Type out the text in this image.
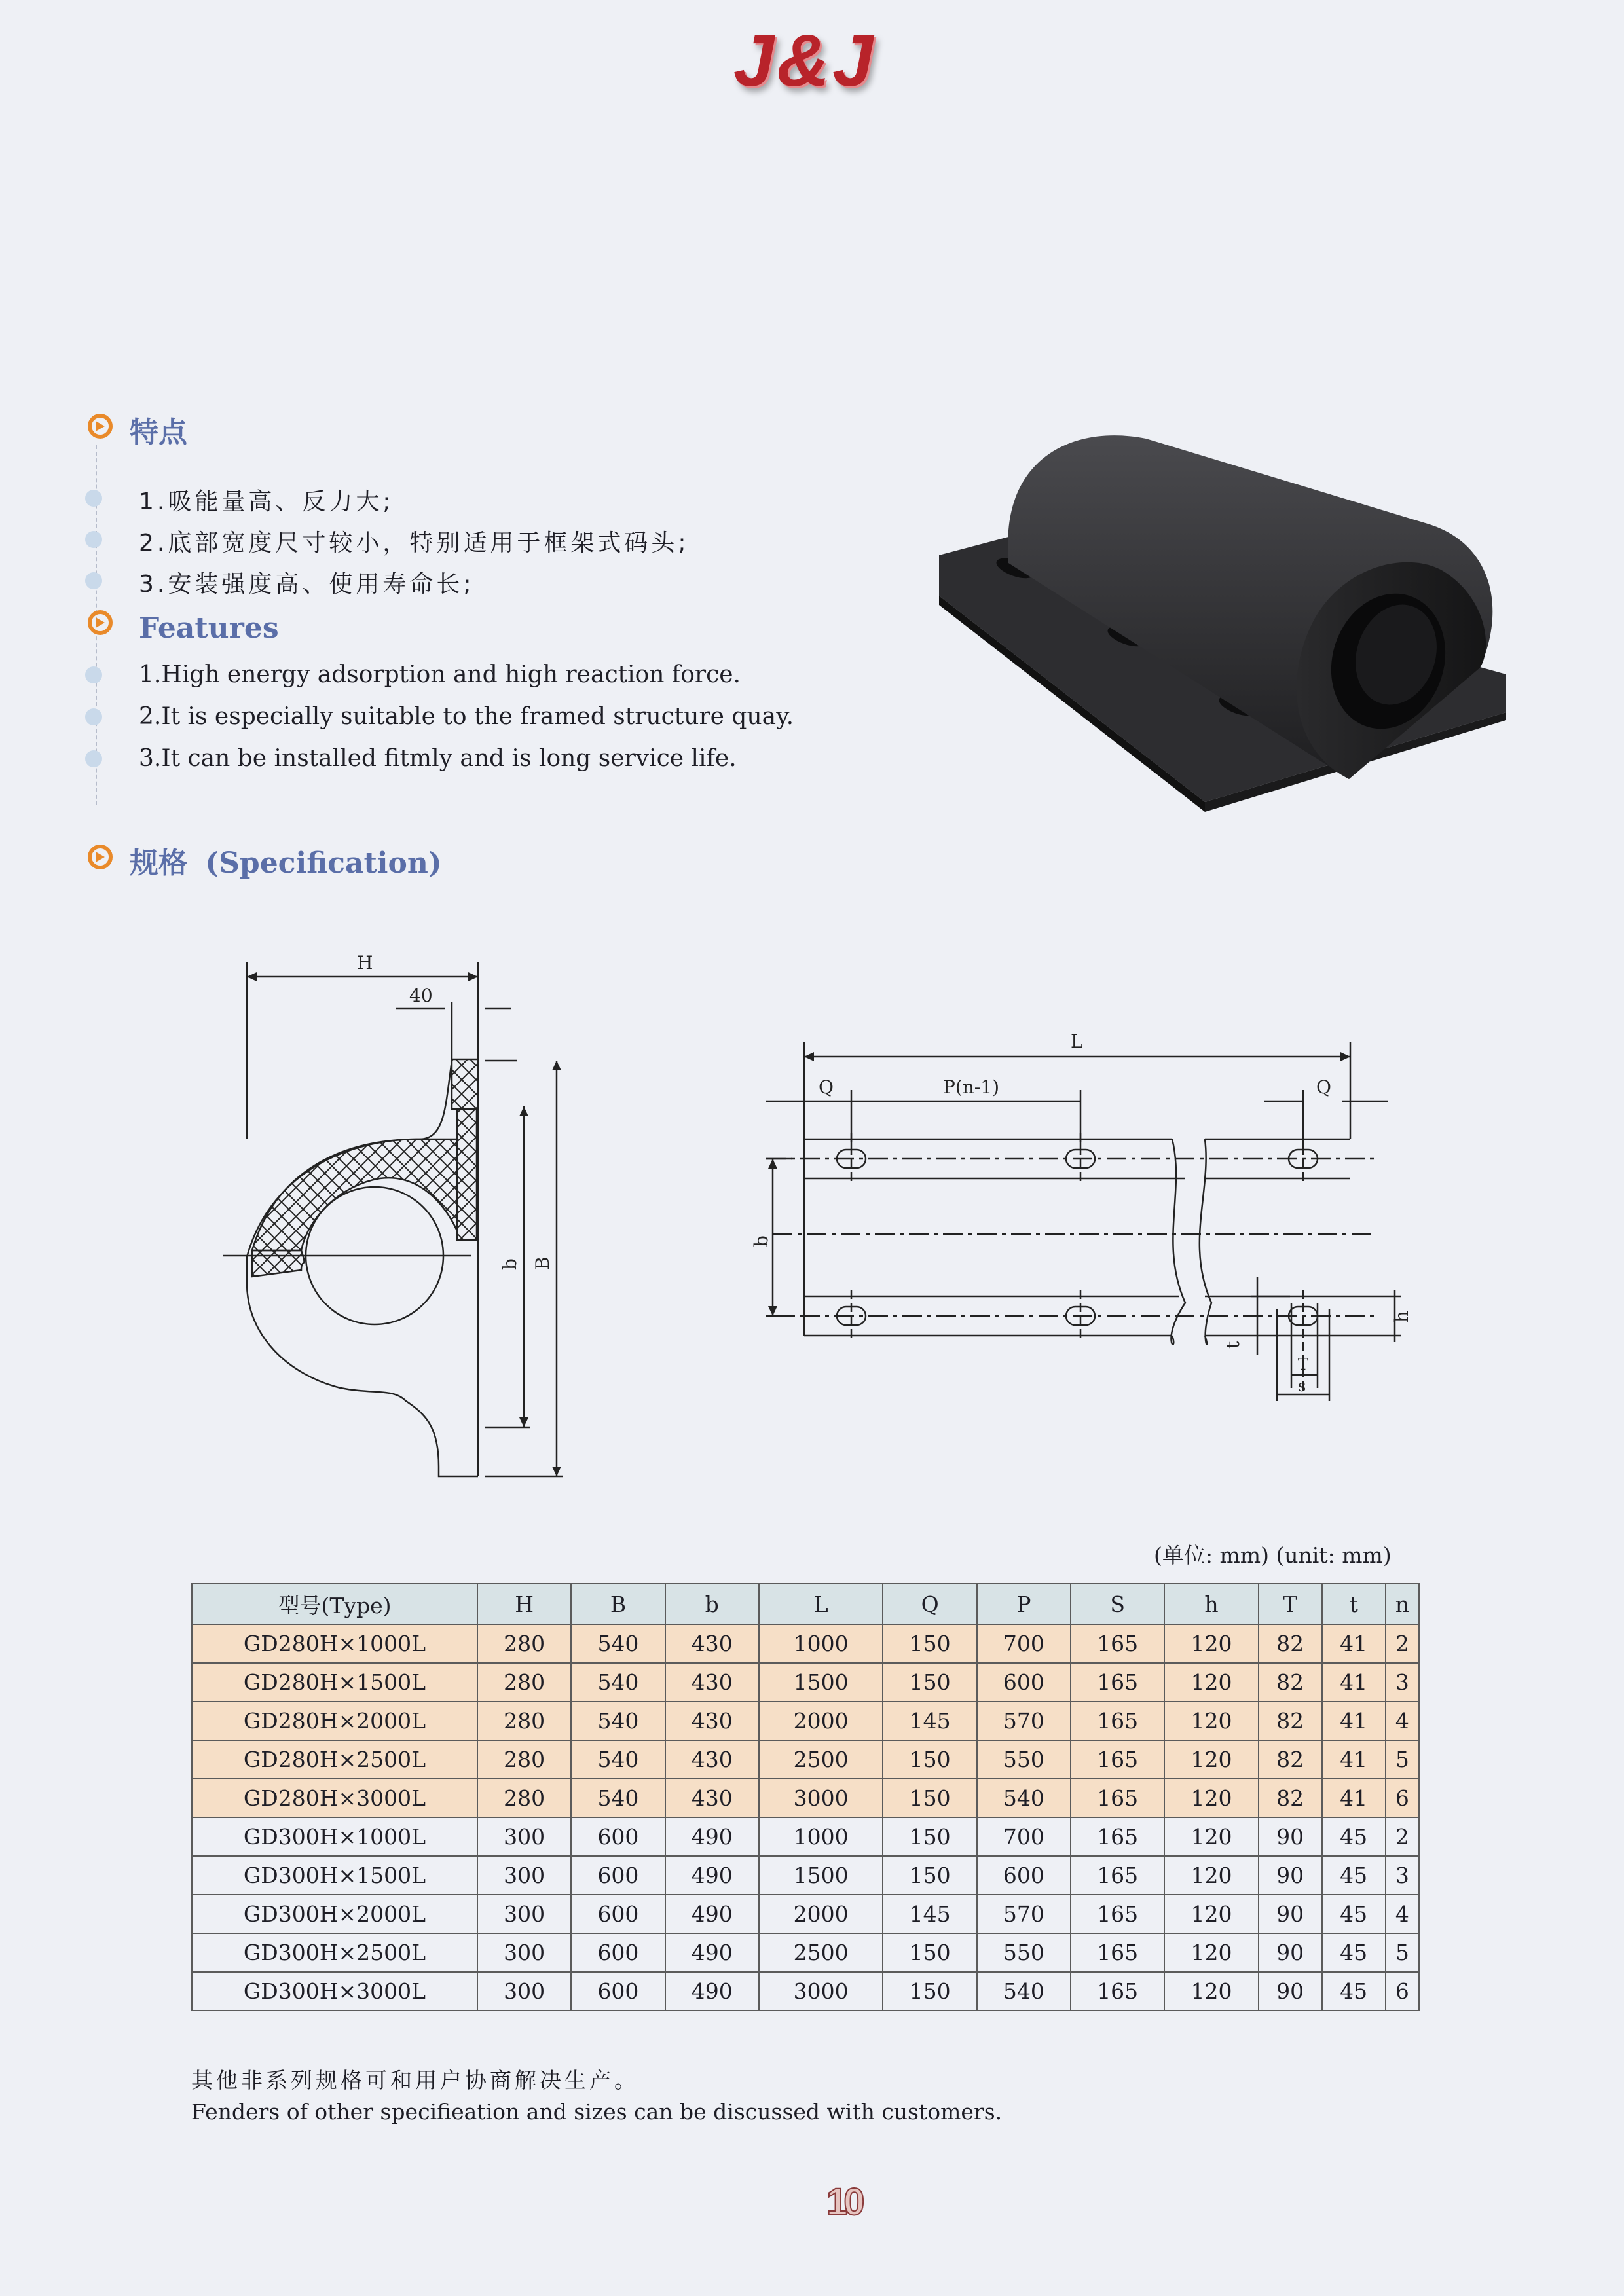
J&J
特点
1.吸能量高、反力大;
2.底部宽度尺寸较小，特别适用于框架式码头;
3.安装强度高、使用寿命长;
Features
1.High energy adsorption and high reaction force.
2.It is especially suitable to the framed structure quay.
3.It can be installed fitmly and is long service life.
规格 (Specification)
H
40
b B
L
Q	P(n-1)	Q
b
h
t
T
s
(单位: mm) (unit: mm)
型号(Type)	H	B	b	L	Q	P	S	h	T	t	n
GD280H×1000L	280	540	430	1000	150	700	165	120	82	41	2
GD280H×1500L	280	540	430	1500	150	600	165	120	82	41	3
GD280H×2000L	280	540	430	2000	145	570	165	120	82	41	4
GD280H×2500L	280	540	430	2500	150	550	165	120	82	41	5
GD280H×3000L	280	540	430	3000	150	540	165	120	82	41	6
GD300H×1000L	300	600	490	1000	150	700	165	120	90	45	2
GD300H×1500L	300	600	490	1500	150	600	165	120	90	45	3
GD300H×2000L	300	600	490	2000	145	570	165	120	90	45	4
GD300H×2500L	300	600	490	2500	150	550	165	120	90	45	5
GD300H×3000L	300	600	490	3000	150	540	165	120	90	45	6
其他非系列规格可和用户协商解决生产。
Fenders of other specifieation and sizes can be discussed with customers.
10
